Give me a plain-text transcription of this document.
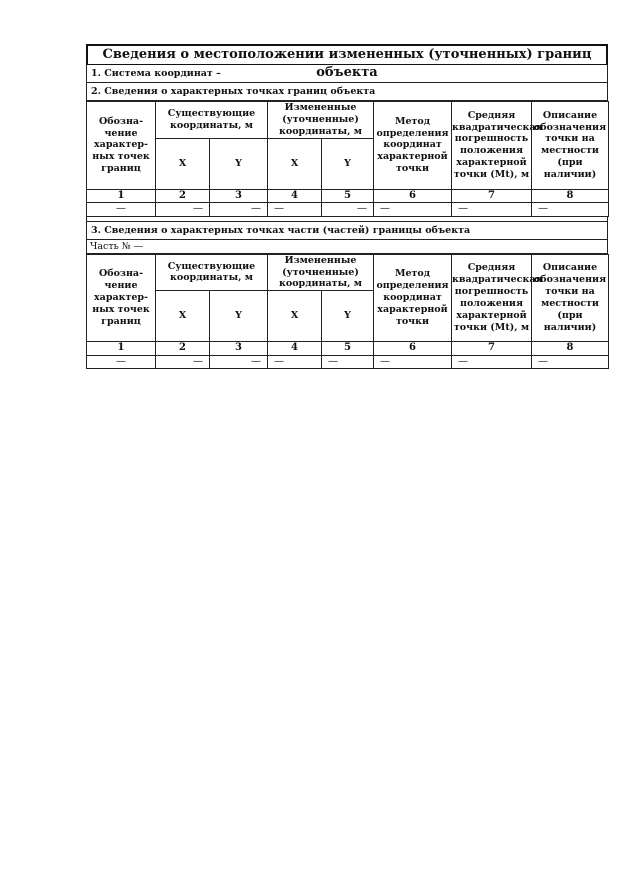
Сведения о местоположении измененных (уточненных) границ объекта
1. Система координат –
2. Сведения о характерных точках границ объекта
Обозна-чение характер-ных точек границ	Существующие координаты, м		Измененные (уточненные) координаты, м		Метод определения координат характерной точки	Средняя квадратическая погрешность положения характерной точки (Mt), м	Описание обозначения точки на местности (при наличии)
	X	Y	X	Y			
1	2	3	4	5	6	7	8
—	—	—	—	—	—	—	—
3. Сведения о характерных точках части (частей) границы объекта
Часть № —
Обозна-чение характер-ных точек границ	Существующие координаты, м		Измененные (уточненные) координаты, м		Метод определения координат характерной точки	Средняя квадратическая погрешность положения характерной точки (Mt), м	Описание обозначения точки на местности (при наличии)
	X	Y	X	Y			
1	2	3	4	5	6	7	8
—	—	—	—	—	—	—	—
